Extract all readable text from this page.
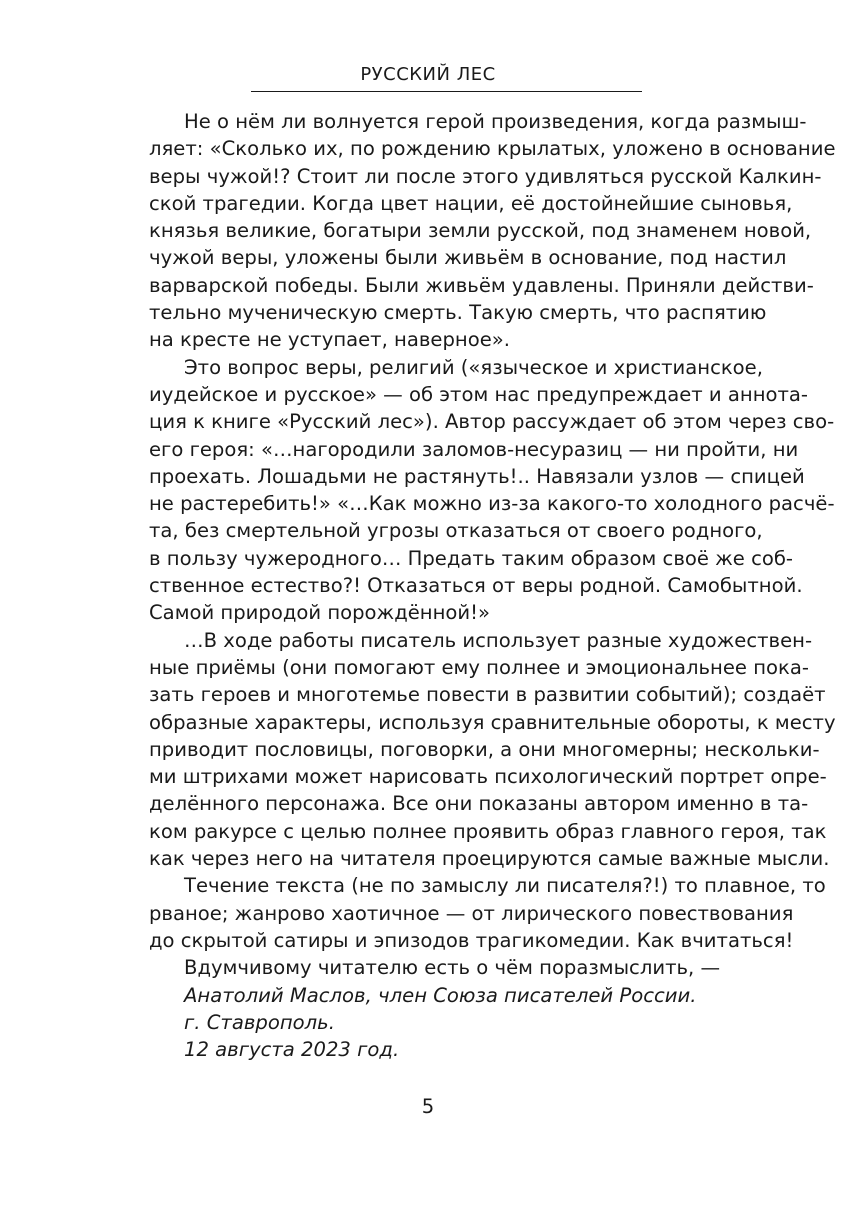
РУССКИЙ ЛЕС
Не о нём ли волнуется герой произведения, когда размыш-
ляет: «Сколько их, по рождению крылатых, уложено в основание
веры чужой!? Стоит ли после этого удивляться русской Калкин-
ской трагедии. Когда цвет нации, её достойнейшие сыновья,
князья великие, богатыри земли русской, под знаменем новой,
чужой веры, уложены были живьём в основание, под настил
варварской победы. Были живьём удавлены. Приняли действи-
тельно мученическую смерть. Такую смерть, что распятию
на кресте не уступает, наверное».
Это вопрос веры, религий («языческое и христианское,
иудейское и русское» — об этом нас предупреждает и аннота-
ция к книге «Русский лес»). Автор рассуждает об этом через сво-
его героя: «…нагородили заломов-несуразиц — ни пройти, ни
проехать. Лошадьми не растянуть!.. Навязали узлов — спицей
не растеребить!» «…Как можно из-за какого-то холодного расчё-
та, без смертельной угрозы отказаться от своего родного,
в пользу чужеродного… Предать таким образом своё же соб-
ственное естество?! Отказаться от веры родной. Самобытной.
Самой природой порождённой!»
…В ходе работы писатель использует разные художествен-
ные приёмы (они помогают ему полнее и эмоциональнее пока-
зать героев и многотемье повести в развитии событий); создаёт
образные характеры, используя сравнительные обороты, к месту
приводит пословицы, поговорки, а они многомерны; нескольки-
ми штрихами может нарисовать психологический портрет опре-
делённого персонажа. Все они показаны автором именно в та-
ком ракурсе с целью полнее проявить образ главного героя, так
как через него на читателя проецируются самые важные мысли.
Течение текста (не по замыслу ли писателя?!) то плавное, то
рваное; жанрово хаотичное — от лирического повествования
до скрытой сатиры и эпизодов трагикомедии. Как вчитаться!
Вдумчивому читателю есть о чём поразмыслить, —
Анатолий Маслов, член Союза писателей России.
г. Ставрополь.
12 августа 2023 год.
5
